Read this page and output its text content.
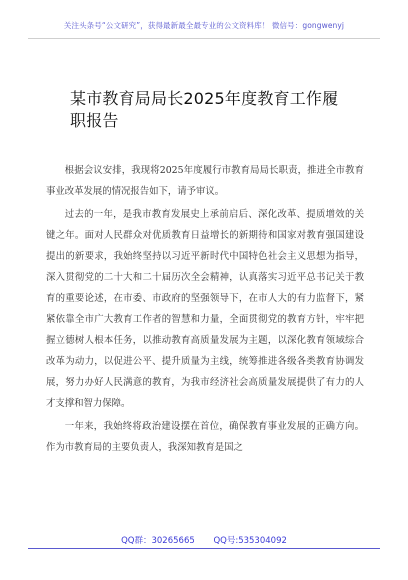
关注头条号“公文研究”，获得最新最全最专业的公文资料库！ 微信号：gongwenyj
某市教育局局长2025年度教育工作履职报告

根据会议安排，我现将2025年度履行市教育局局长职责，推进全市教育事业改革发展的情况报告如下，请予审议。

过去的一年，是我市教育发展史上承前启后、深化改革、提质增效的关键之年。面对人民群众对优质教育日益增长的新期待和国家对教育强国建设提出的新要求，我始终坚持以习近平新时代中国特色社会主义思想为指导，深入贯彻党的二十大和二十届历次全会精神，认真落实习近平总书记关于教育的重要论述，在市委、市政府的坚强领导下，在市人大的有力监督下，紧紧依靠全市广大教育工作者的智慧和力量，全面贯彻党的教育方针，牢牢把握立德树人根本任务，以推动教育高质量发展为主题，以深化教育领域综合改革为动力，以促进公平、提升质量为主线，统筹推进各级各类教育协调发展，努力办好人民满意的教育，为我市经济社会高质量发展提供了有力的人才支撑和智力保障。

一年来，我始终将政治建设摆在首位，确保教育事业发展的正确方向。作为市教育局的主要负责人，我深知教育是国之

QQ群：30265665 QQ号:535304092
